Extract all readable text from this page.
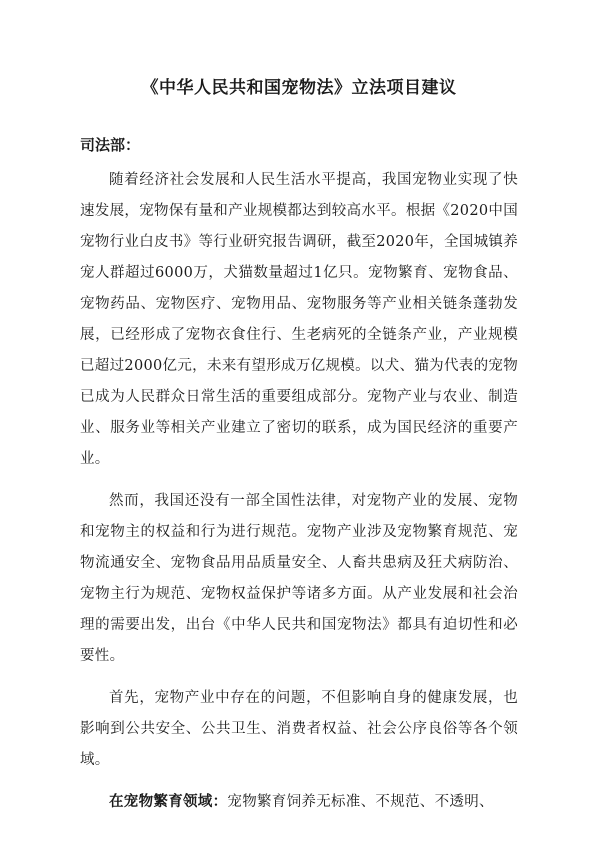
《中华人民共和国宠物法》立法项目建议
司法部：

随着经济社会发展和人民生活水平提高，我国宠物业实现了快速发展，宠物保有量和产业规模都达到较高水平。根据《2020中国宠物行业白皮书》等行业研究报告调研，截至2020年，全国城镇养宠人群超过6000万，犬猫数量超过1亿只。宠物繁育、宠物食品、宠物药品、宠物医疗、宠物用品、宠物服务等产业相关链条蓬勃发展，已经形成了宠物衣食住行、生老病死的全链条产业，产业规模已超过2000亿元，未来有望形成万亿规模。以犬、猫为代表的宠物已成为人民群众日常生活的重要组成部分。宠物产业与农业、制造业、服务业等相关产业建立了密切的联系，成为国民经济的重要产业。

然而，我国还没有一部全国性法律，对宠物产业的发展、宠物和宠物主的权益和行为进行规范。宠物产业涉及宠物繁育规范、宠物流通安全、宠物食品用品质量安全、人畜共患病及狂犬病防治、宠物主行为规范、宠物权益保护等诸多方面。从产业发展和社会治理的需要出发，出台《中华人民共和国宠物法》都具有迫切性和必要性。

首先，宠物产业中存在的问题，不但影响自身的健康发展，也影响到公共安全、公共卫生、消费者权益、社会公序良俗等各个领域。

在宠物繁育领域：宠物繁育饲养无标准、不规范、不透明、
